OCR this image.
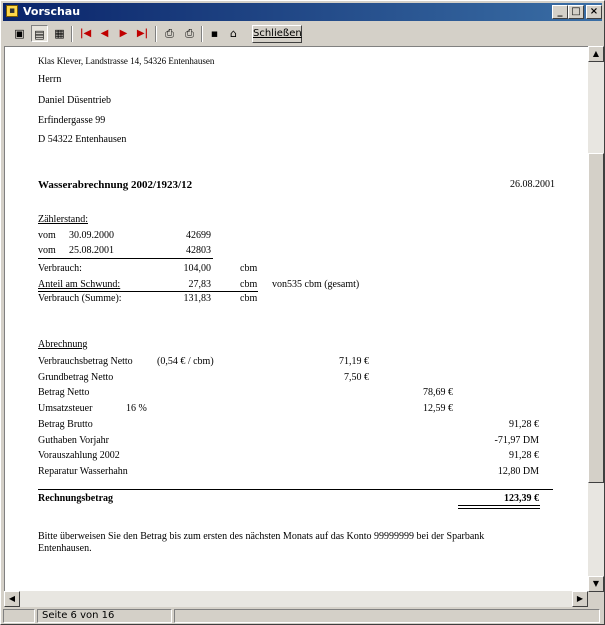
▪ Vorschau	_ □ ×
▣ ▤ ▦	|◀ ◀	▶ ▶|	⎙	⎙	▪	⌂	Schließen
Klas Klever, Landstrasse 14, 54326 Entenhausen
Herrn
Daniel Düsentrieb
Erfindergasse 99
D 54322 Entenhausen
Wasserabrechnung 2002/1923/12	26.08.2001
Zählerstand:
vom 30.09.2000	42699
vom 25.08.2001	42803
Verbrauch:	104,00	cbm
Anteil am Schwund:	27,83	cbm von535 cbm (gesamt)
Verbrauch (Summe):	131,83	cbm
Abrechnung
Verbrauchsbetrag Netto (0,54 € / cbm)	71,19 €
Grundbetrag Netto	7,50 €
Betrag Netto	78,69 €
Umsatzsteuer	16 %	12,59 €
Betrag Brutto	91,28 €
Guthaben Vorjahr	-71,97 DM
Vorauszahlung 2002	91,28 €
Reparatur Wasserhahn	12,80 DM
Rechnungsbetrag	123,39 €
Bitte überweisen Sie den Betrag bis zum ersten des nächsten Monats auf das Konto 99999999 bei der Sparbank
Entenhausen.
▲
▼
◀	▶
Seite 6 von 16
